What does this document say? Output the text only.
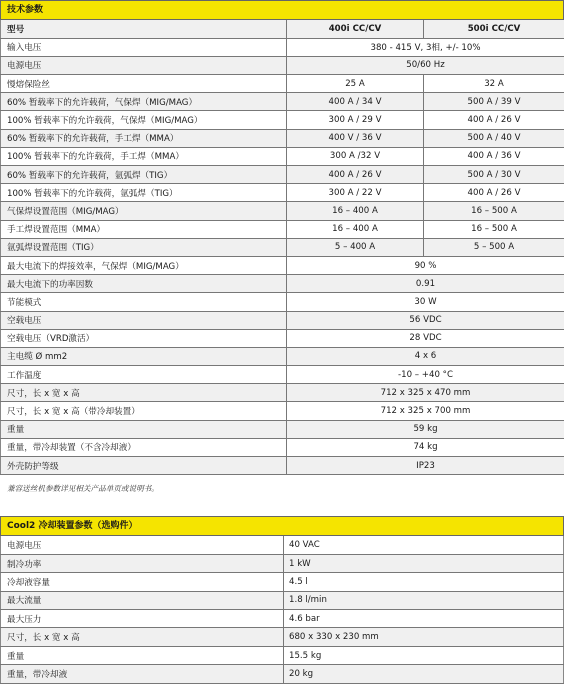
技术参数
型号	400i CC/CV	500i CC/CV
输入电压	380 - 415 V, 3相, +/- 10%	
电源电压	50/60 Hz	
慢熔保险丝	25 A	32 A
60% 暂载率下的允许载荷，气保焊（MIG/MAG）	400 A / 34 V	500 A / 39 V
100% 暂载率下的允许载荷，气保焊（MIG/MAG）	300 A / 29 V	400 A / 26 V
60% 暂载率下的允许载荷，手工焊（MMA）	400 V / 36 V	500 A / 40 V
100% 暂载率下的允许载荷，手工焊（MMA）	300 A /32 V	400 A / 36 V
60% 暂载率下的允许载荷，氩弧焊（TIG）	400 A / 26 V	500 A / 30 V
100% 暂载率下的允许载荷，氩弧焊（TIG）	300 A / 22 V	400 A / 26 V
气保焊设置范围（MIG/MAG）	16 – 400 A	16 – 500 A
手工焊设置范围（MMA）	16 – 400 A	16 – 500 A
氩弧焊设置范围（TIG）	5 – 400 A	5 – 500 A
最大电流下的焊接效率，气保焊（MIG/MAG）	90 %	
最大电流下的功率因数	0.91	
节能模式	30 W	
空载电压	56 VDC	
空载电压（VRD激活）	28 VDC	
主电缆 Ø mm2	4 x 6	
工作温度	-10 – +40 °C	
尺寸，长 x 宽 x 高	712 x 325 x 470 mm	
尺寸，长 x 宽 x 高（带冷却装置）	712 x 325 x 700 mm	
重量	59 kg	
重量，带冷却装置（不含冷却液）	74 kg	
外壳防护等级	IP23	
兼容送丝机参数详见相关产品单页或说明书。
Cool2 冷却装置参数（选购件）
电源电压	40 VAC
制冷功率	1 kW
冷却液容量	4.5 l
最大流量	1.8 l/min
最大压力	4.6 bar
尺寸，长 x 宽 x 高	680 x 330 x 230 mm
重量	15.5 kg
重量，带冷却液	20 kg
